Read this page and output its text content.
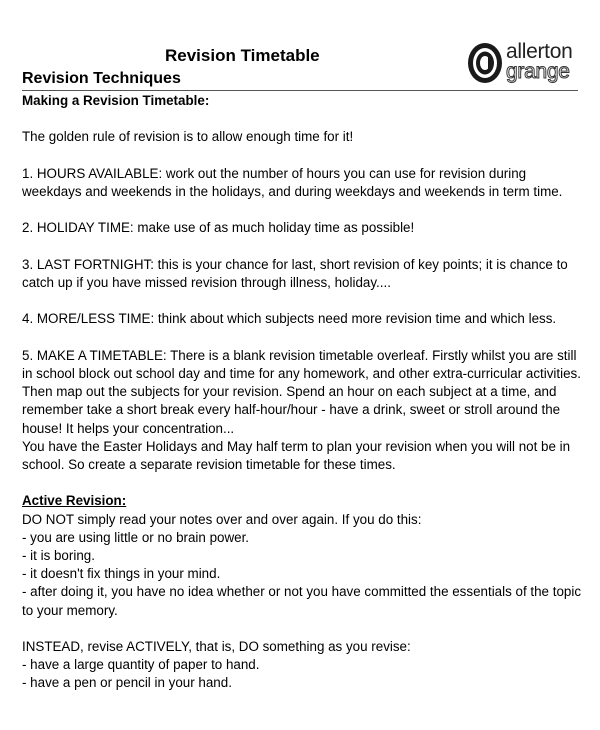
Revision Timetable
Revision Techniques
allerton
grange

Making a Revision Timetable:

The golden rule of revision is to allow enough time for it!

1. HOURS AVAILABLE: work out the number of hours you can use for revision during weekdays and weekends in the holidays, and during weekdays and weekends in term time.

2. HOLIDAY TIME: make use of as much holiday time as possible!

3. LAST FORTNIGHT: this is your chance for last, short revision of key points; it is chance to catch up if you have missed revision through illness, holiday....

4. MORE/LESS TIME: think about which subjects need more revision time and which less.

5. MAKE A TIMETABLE: There is a blank revision timetable overleaf. Firstly whilst you are still in school block out school day and time for any homework, and other extra-curricular activities. Then map out the subjects for your revision. Spend an hour on each subject at a time, and remember take a short break every half-hour/hour - have a drink, sweet or stroll around the house! It helps your concentration...

You have the Easter Holidays and May half term to plan your revision when you will not be in school. So create a separate revision timetable for these times.

Active Revision:

DO NOT simply read your notes over and over again. If you do this:

- you are using little or no brain power.

- it is boring.

- it doesn't fix things in your mind.

- after doing it, you have no idea whether or not you have committed the essentials of the topic to your memory.

INSTEAD, revise ACTIVELY, that is, DO something as you revise:

- have a large quantity of paper to hand.

- have a pen or pencil in your hand.
